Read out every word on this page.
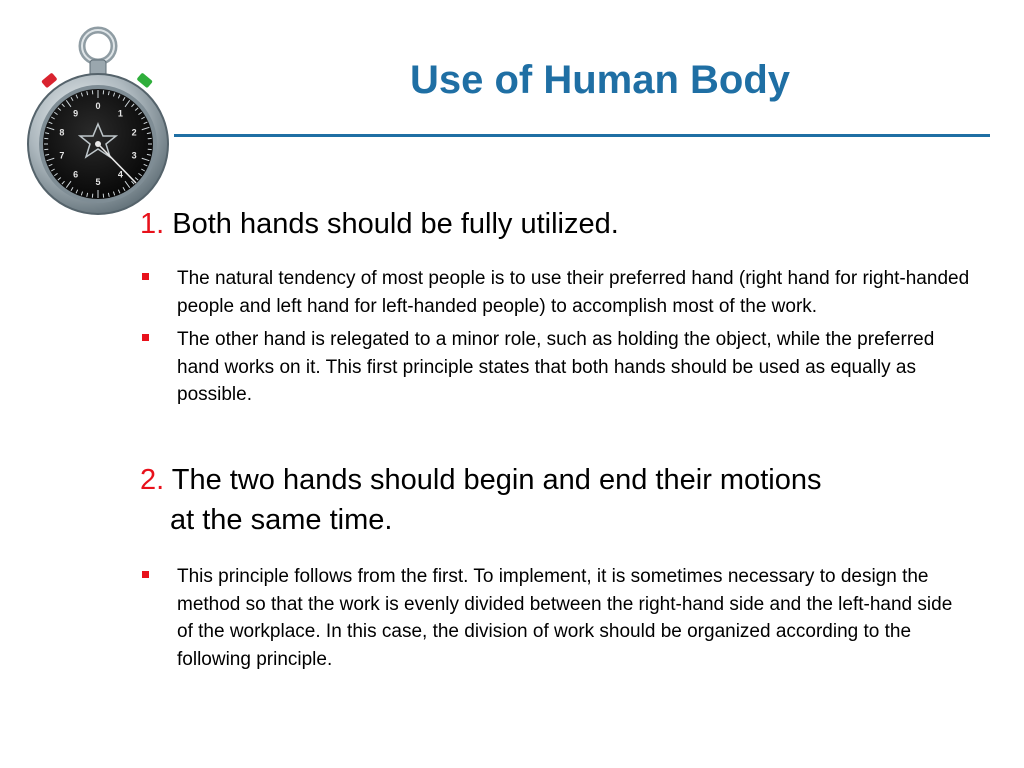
0
1
2
3
4
5
6
7
8
9
Use of Human Body

1. Both hands should be fully utilized.

The natural tendency of most people is to use their preferred hand (right hand for right-handed people and left hand for left-handed people) to accomplish most of the work.
The other hand is relegated to a minor role, such as holding the object, while the preferred hand works on it. This first principle states that both hands should be used as equally as possible.
2. The two hands should begin and end their motions
at the same time.
This principle follows from the first. To implement, it is sometimes necessary to design the method so that the work is evenly divided between the right-hand side and the left-hand side of the workplace. In this case, the division of work should be organized according to the following principle.
